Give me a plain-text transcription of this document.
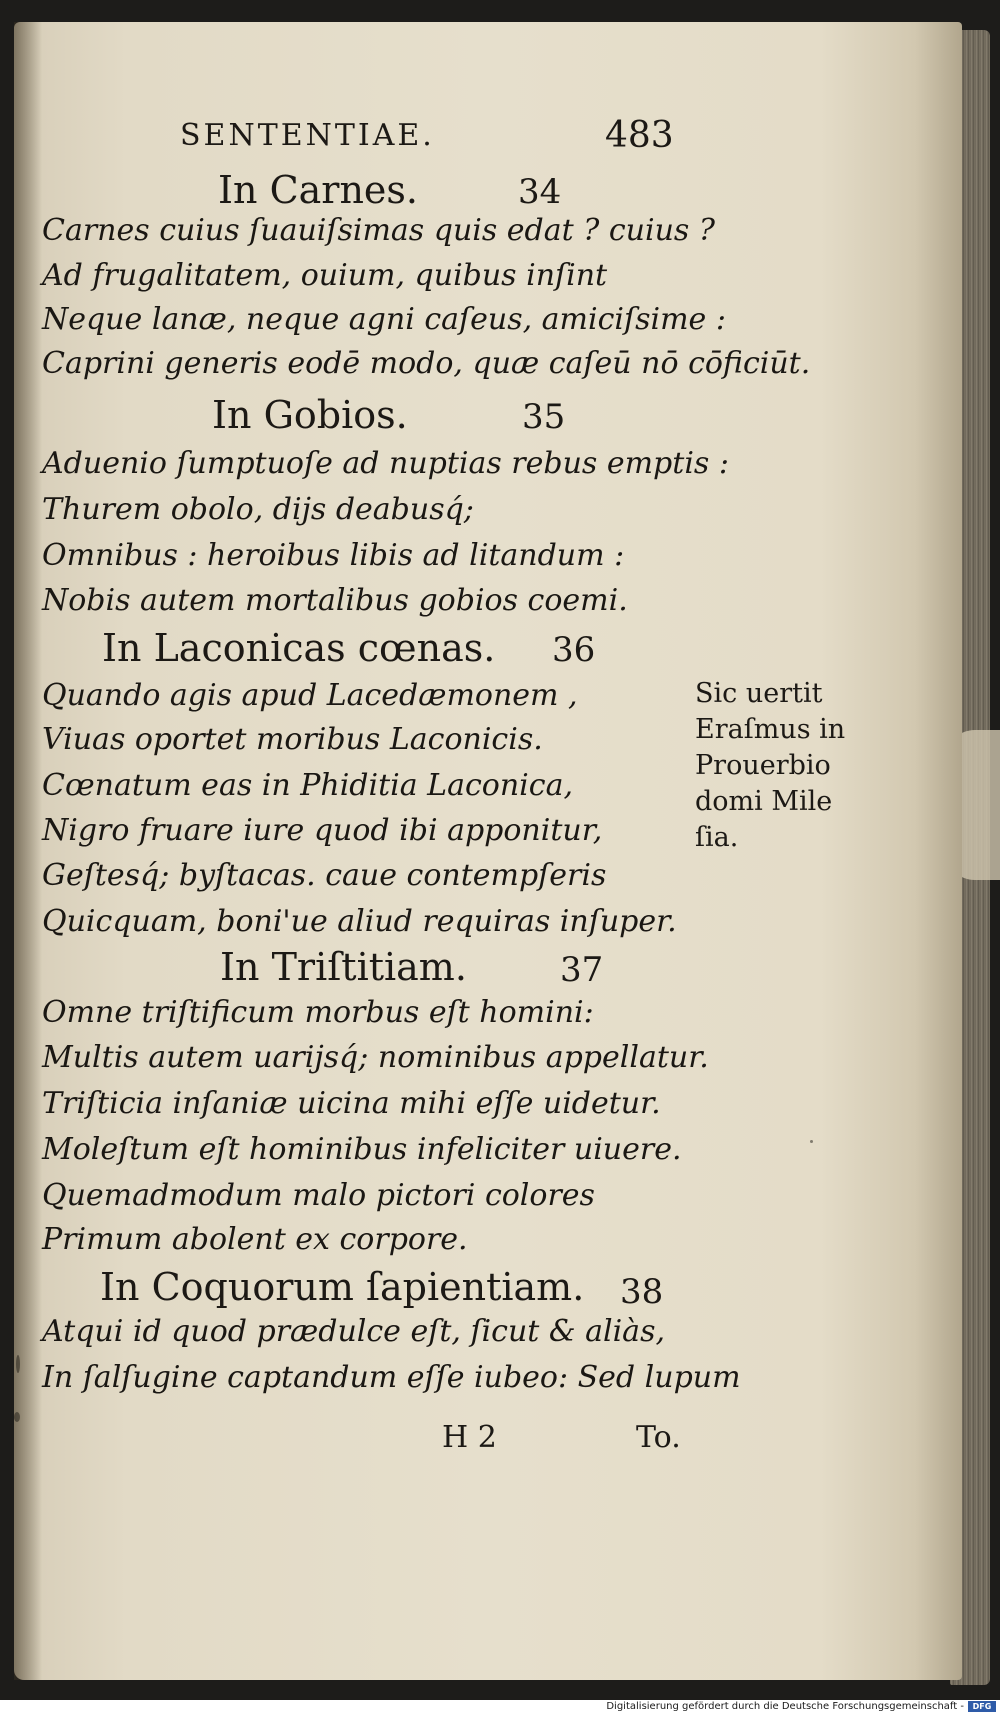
SENTENTIAE.	483
In Carnes.	34
Carnes cuius ſuauiſsimas quis edat ? cuius ?
Ad frugalitatem, ouium, quibus inſint
Neque lanæ, neque agni caſeus, amiciſsime :
Caprini generis eodē modo, quæ caſeū nō cōficiūt.
In Gobios.	35
Aduenio ſumptuoſe ad nuptias rebus emptis :
Thurem obolo, dijs deabusq́;
Omnibus : heroibus libis ad litandum :
Nobis autem mortalibus gobios coemi.
In Laconicas cœnas. 36
Quando agis apud Lacedæmonem ,
Viuas oportet moribus Laconicis.
Cœnatum eas in Phiditia Laconica,
Nigro fruare iure quod ibi apponitur,
Geſtesq́; byſtacas. caue contempſeris
Quicquam, boni'ue aliud requiras inſuper.
Sic uertit
Eraſmus in
Prouerbio
domi Mile
ſia.
In Triſtitiam.	37
Omne triſtificum morbus eſt homini:
Multis autem uarijsq́; nominibus appellatur.
Triſticia inſaniæ uicina mihi eſſe uidetur.
Moleſtum eſt hominibus infeliciter uiuere.
Quemadmodum malo pictori colores
Primum abolent ex corpore.
In Coquorum ſapientiam. 38
Atqui id quod prædulce eſt, ſicut & aliàs,
In ſalſugine captandum eſſe iubeo: Sed lupum
H 2	To.
Digitalisierung gefördert durch die Deutsche Forschungsgemeinschaft -	DFG
